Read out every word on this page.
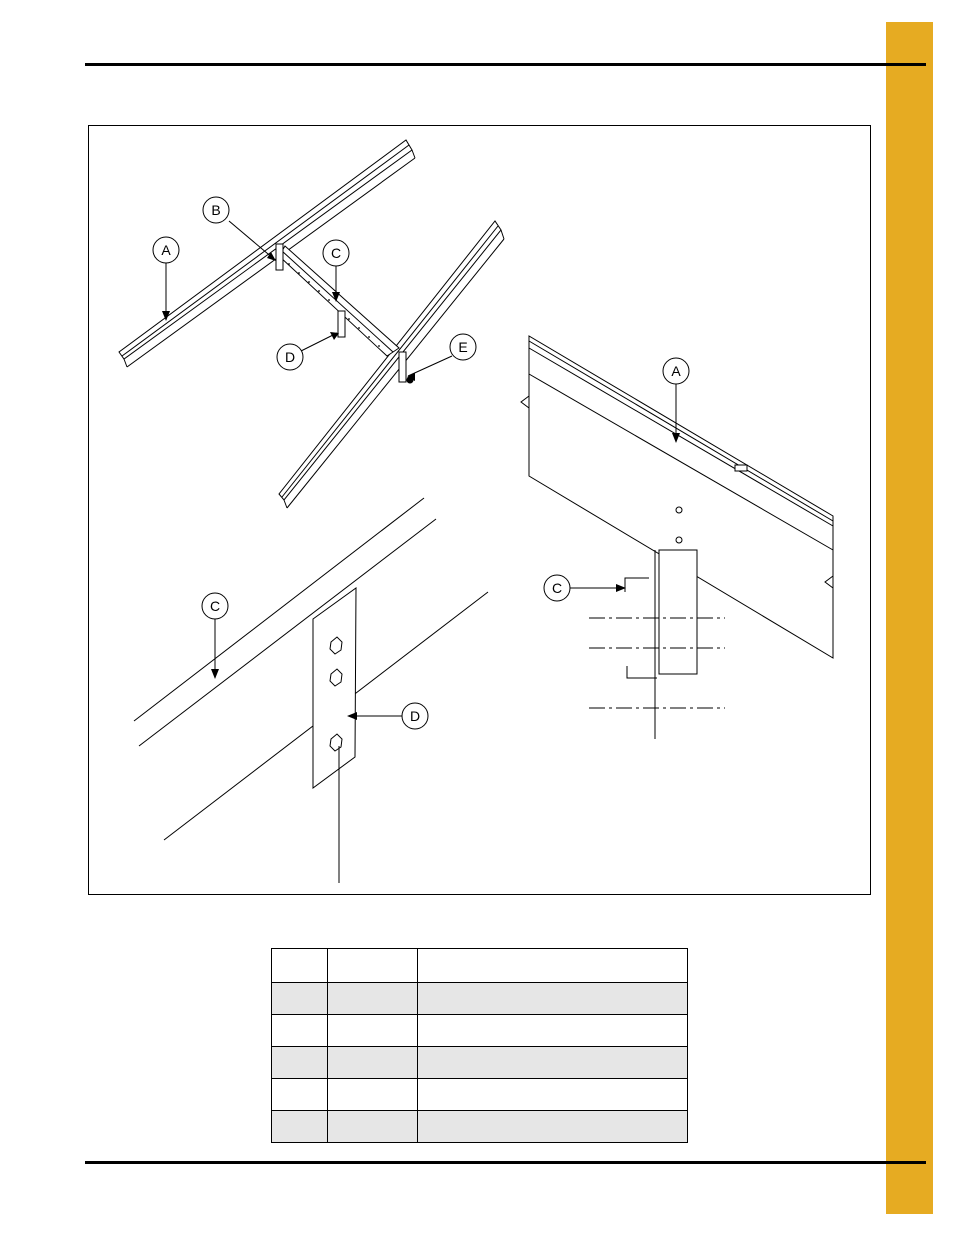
A
B
C
D
E
C
D
A
C
